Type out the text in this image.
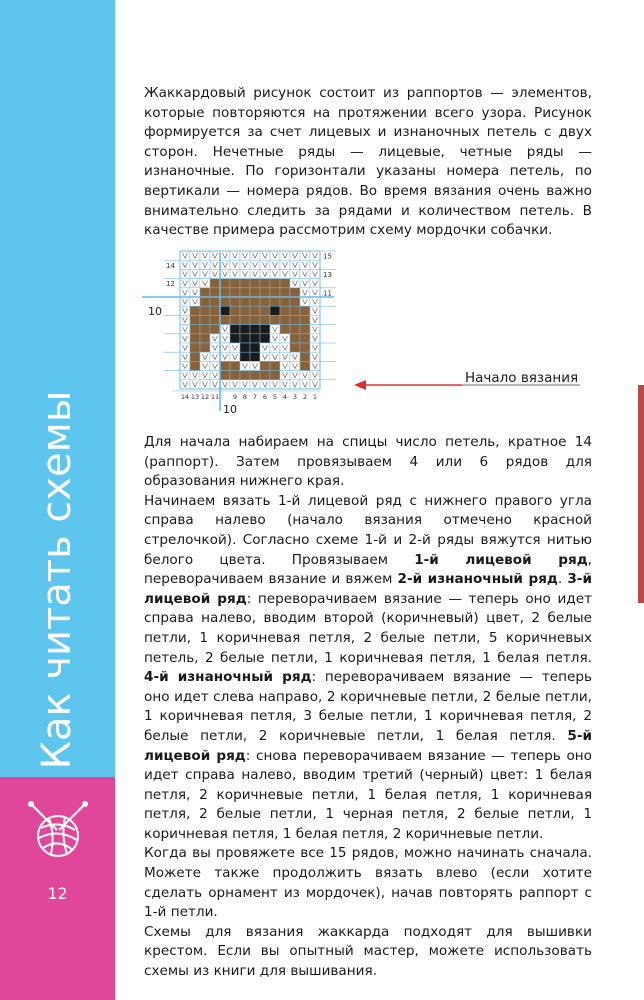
Как читать схемы
12

Жаккардовый рисунок состоит из раппортов — элементов, которые повторяются на протяжении всего узора. Рисунок формируется за счет лицевых и изнаночных петель с двух сторон. Нечетные ряды — лицевые, четные ряды — изнаночные. По горизонтали указаны номера петель, по вертикали — номера рядов. Во время вязания очень важно внимательно следить за рядами и количеством петель. В качестве примера рассмотрим схему мордочки собачки.

11
12
13
14
15
14 13 12 11 9 8 7 6 5 4 3 2 1
10
10
Начало вязания

Для начала набираем на спицы число петель, кратное 14 (раппорт). Затем провязываем 4 или 6 рядов для образования нижнего края.

Начинаем вязать 1-й лицевой ряд с нижнего правого угла справа налево (начало вязания отмечено красной стрелочкой). Согласно схеме 1-й и 2-й ряды вяжутся нитью белого цвета. Провязываем 1-й лицевой ряд, переворачиваем вязание и вяжем 2-й изнаночный ряд. 3-й лицевой ряд: переворачиваем вязание — теперь оно идет справа налево, вводим второй (коричневый) цвет, 2 белые петли, 1 коричневая петля, 2 белые петли, 5 коричневых петель, 2 белые петли, 1 коричневая петля, 1 белая петля. 4-й изнаночный ряд: переворачиваем вязание — теперь оно идет слева направо, 2 коричневые петли, 2 белые петли, 1 коричневая петля, 3 белые петли, 1 коричневая петля, 2 белые петли, 2 коричневые петли, 1 белая петля. 5-й лицевой ряд: снова переворачиваем вязание — теперь оно идет справа налево, вводим третий (черный) цвет: 1 белая петля, 2 коричневые петли, 1 белая петля, 1 коричневая петля, 2 белые петли, 1 черная петля, 2 белые петли, 1 коричневая петля, 1 белая петля, 2 коричневые петли.

Когда вы провяжете все 15 рядов, можно начинать сначала. Можете также продолжить вязать влево (если хотите сделать орнамент из мордочек), начав повторять раппорт с 1-й петли.

Схемы для вязания жаккарда подходят для вышивки крестом. Если вы опытный мастер, можете использовать схемы из книги для вышивания.
